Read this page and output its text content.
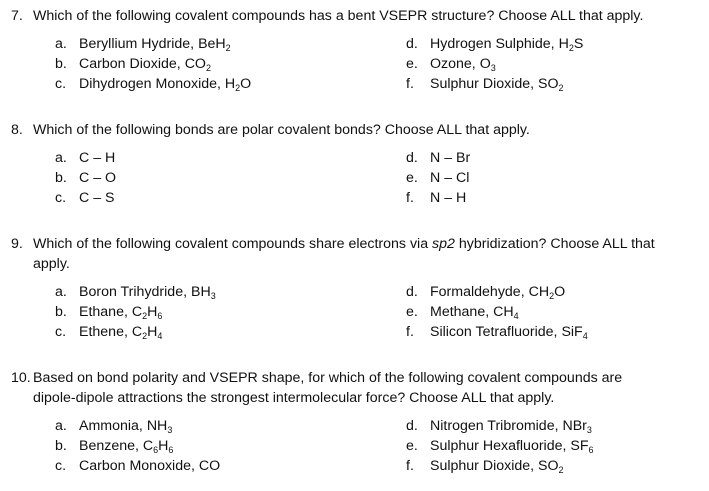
7. Which of the following covalent compounds has a bent VSEPR structure? Choose ALL that apply.
a. Beryllium Hydride, BeH$_2$
b. Carbon Dioxide, $CO_2$
c. Dihydrogen Monoxide, $H_2O$
d. Hydrogen Sulphide, $H_2S$
e. Ozone, $O_3$
f. Sulphur Dioxide, $SO_2$
8. Which of the following bonds are polar covalent bonds? Choose ALL that apply.
a. C – H
b. C – O
c. C – S
d. N – Br
e. N – Cl
f. N – H
9. Which of the following covalent compounds share electrons via sp2 hybridization? Choose ALL that
apply.
a. Boron Trihydride, $BH_3$
b. Ethane, $C_2H_6$
c. Ethene, $C_2H_4$
d. Formaldehyde, $CH_2O$
e. Methane, $CH_4$
f. Silicon Tetrafluoride, SiF$_4$
10. Based on bond polarity and VSEPR shape, for which of the following covalent compounds are
dipole-dipole attractions the strongest intermolecular force? Choose ALL that apply.
a. Ammonia, $NH_3$
b. Benzene, $C_6H_6$
c. Carbon Monoxide, CO
d. Nitrogen Tribromide, NBr$_3$
e. Sulphur Hexafluoride, $SF_6$
f. Sulphur Dioxide, $SO_2$
